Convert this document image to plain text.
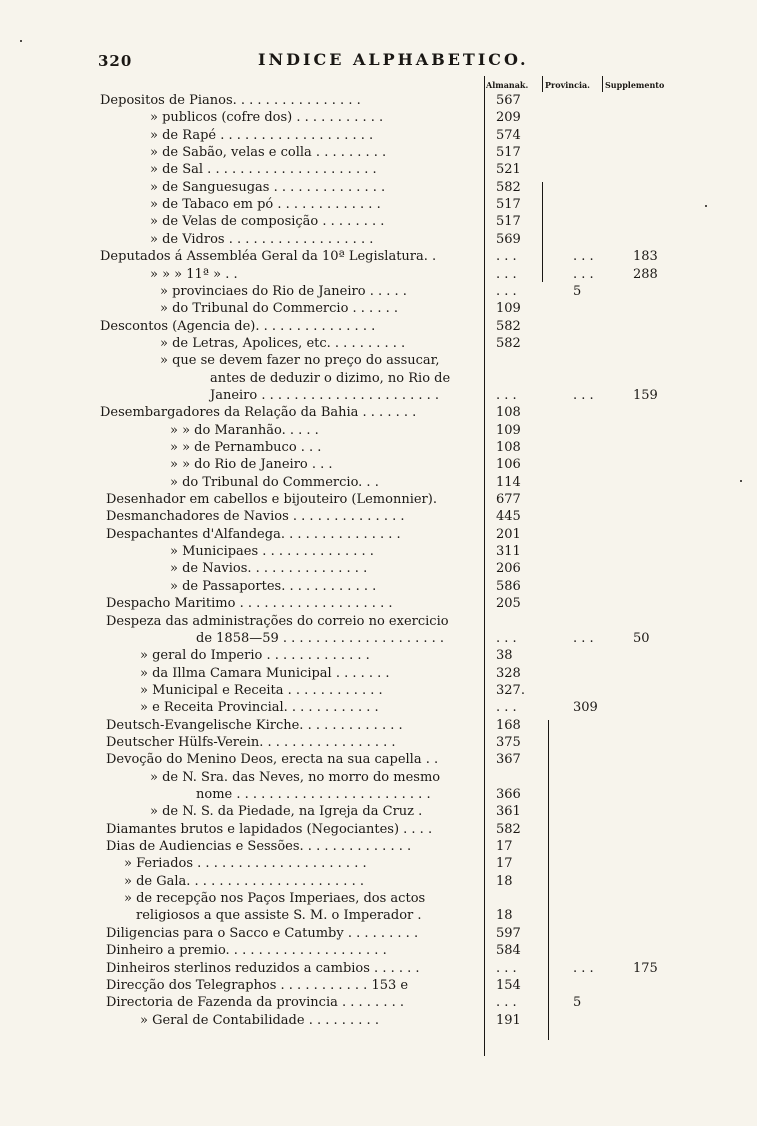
320	INDICE ALPHABETICO.
Almanak. Provincia. Supplemento
Depositos de Pianos. . . . . . . . . . . . . . . .	567
» publicos (cofre dos) . . . . . . . . . . .	209
» de Rapé . . . . . . . . . . . . . . . . . . .	574
» de Sabão, velas e colla . . . . . . . . .	517
» de Sal . . . . . . . . . . . . . . . . . . . . .	521
» de Sanguesugas . . . . . . . . . . . . . .	582
» de Tabaco em pó . . . . . . . . . . . . .	517
» de Velas de composição . . . . . . . .	517
» de Vidros . . . . . . . . . . . . . . . . . .	569
Deputados á Assembléa Geral da 10ª Legislatura. .	. . .	. . .	183
» » » 11ª » . .	. . .	. . .	288
» provinciaes do Rio de Janeiro . . . . .	. . .	5
» do Tribunal do Commercio . . . . . .	109
Descontos (Agencia de). . . . . . . . . . . . . . .	582
» de Letras, Apolices, etc. . . . . . . . . .	582
» que se devem fazer no preço do assucar,
antes de deduzir o dizimo, no Rio de
Janeiro . . . . . . . . . . . . . . . . . . . . . .	. . .	. . .	159
Desembargadores da Relação da Bahia . . . . . . .	108
» » do Maranhão. . . . .	109
» » de Pernambuco . . .	108
» » do Rio de Janeiro . . .	106
» do Tribunal do Commercio. . .	114
Desenhador em cabellos e bijouteiro (Lemonnier).	677
Desmanchadores de Navios . . . . . . . . . . . . . .	445
Despachantes d'Alfandega. . . . . . . . . . . . . . .	201
» Municipaes . . . . . . . . . . . . . .	311
» de Navios. . . . . . . . . . . . . . .	206
» de Passaportes. . . . . . . . . . . .	586
Despacho Maritimo . . . . . . . . . . . . . . . . . . .	205
Despeza das administrações do correio no exercicio
de 1858—59 . . . . . . . . . . . . . . . . . . . .	. . .	. . .	50
» geral do Imperio . . . . . . . . . . . . .	38
» da Illma Camara Municipal . . . . . . .	328
» Municipal e Receita . . . . . . . . . . . .	327.
» e Receita Provincial. . . . . . . . . . . .	. . .	309
Deutsch-Evangelische Kirche. . . . . . . . . . . . .	168
Deutscher Hülfs-Verein. . . . . . . . . . . . . . . . .	375
Devoção do Menino Deos, erecta na sua capella . .	367
» de N. Sra. das Neves, no morro do mesmo
nome . . . . . . . . . . . . . . . . . . . . . . . .	366
» de N. S. da Piedade, na Igreja da Cruz .	361
Diamantes brutos e lapidados (Negociantes) . . . .	582
Dias de Audiencias e Sessões. . . . . . . . . . . . . .	17
» Feriados . . . . . . . . . . . . . . . . . . . . .	17
» de Gala. . . . . . . . . . . . . . . . . . . . . .	18
» de recepção nos Paços Imperiaes, dos actos
religiosos a que assiste S. M. o Imperador .	18
Diligencias para o Sacco e Catumby . . . . . . . . .	597
Dinheiro a premio. . . . . . . . . . . . . . . . . . . .	584
Dinheiros sterlinos reduzidos a cambios . . . . . .	. . .	. . .	175
Direcção dos Telegraphos . . . . . . . . . . . 153 e	154
Directoria de Fazenda da provincia . . . . . . . .	. . .	5
» Geral de Contabilidade . . . . . . . . .	191
